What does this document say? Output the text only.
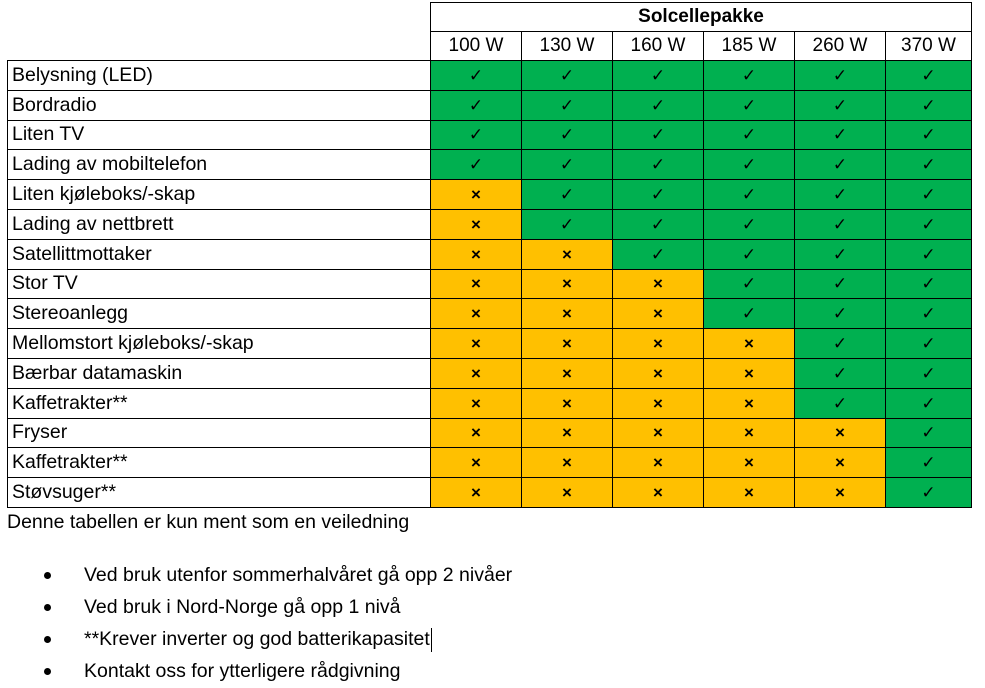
	Solcellepakke					
	100 W	130 W	160 W	185 W	260 W	370 W
Belysning (LED)	✓	✓	✓	✓	✓	✓
Bordradio	✓	✓	✓	✓	✓	✓
Liten TV	✓	✓	✓	✓	✓	✓
Lading av mobiltelefon	✓	✓	✓	✓	✓	✓
Liten kjøleboks/-skap	×	✓	✓	✓	✓	✓
Lading av nettbrett	×	✓	✓	✓	✓	✓
Satellittmottaker	×	×	✓	✓	✓	✓
Stor TV	×	×	×	✓	✓	✓
Stereoanlegg	×	×	×	✓	✓	✓
Mellomstort kjøleboks/-skap	×	×	×	×	✓	✓
Bærbar datamaskin	×	×	×	×	✓	✓
Kaffetrakter**	×	×	×	×	✓	✓
Fryser	×	×	×	×	×	✓
Kaffetrakter**	×	×	×	×	×	✓
Støvsuger**	×	×	×	×	×	✓
Denne tabellen er kun ment som en veiledning
Ved bruk utenfor sommerhalvåret gå opp 2 nivåer
Ved bruk i Nord-Norge gå opp 1 nivå
**Krever inverter og god batterikapasitet
Kontakt oss for ytterligere rådgivning
